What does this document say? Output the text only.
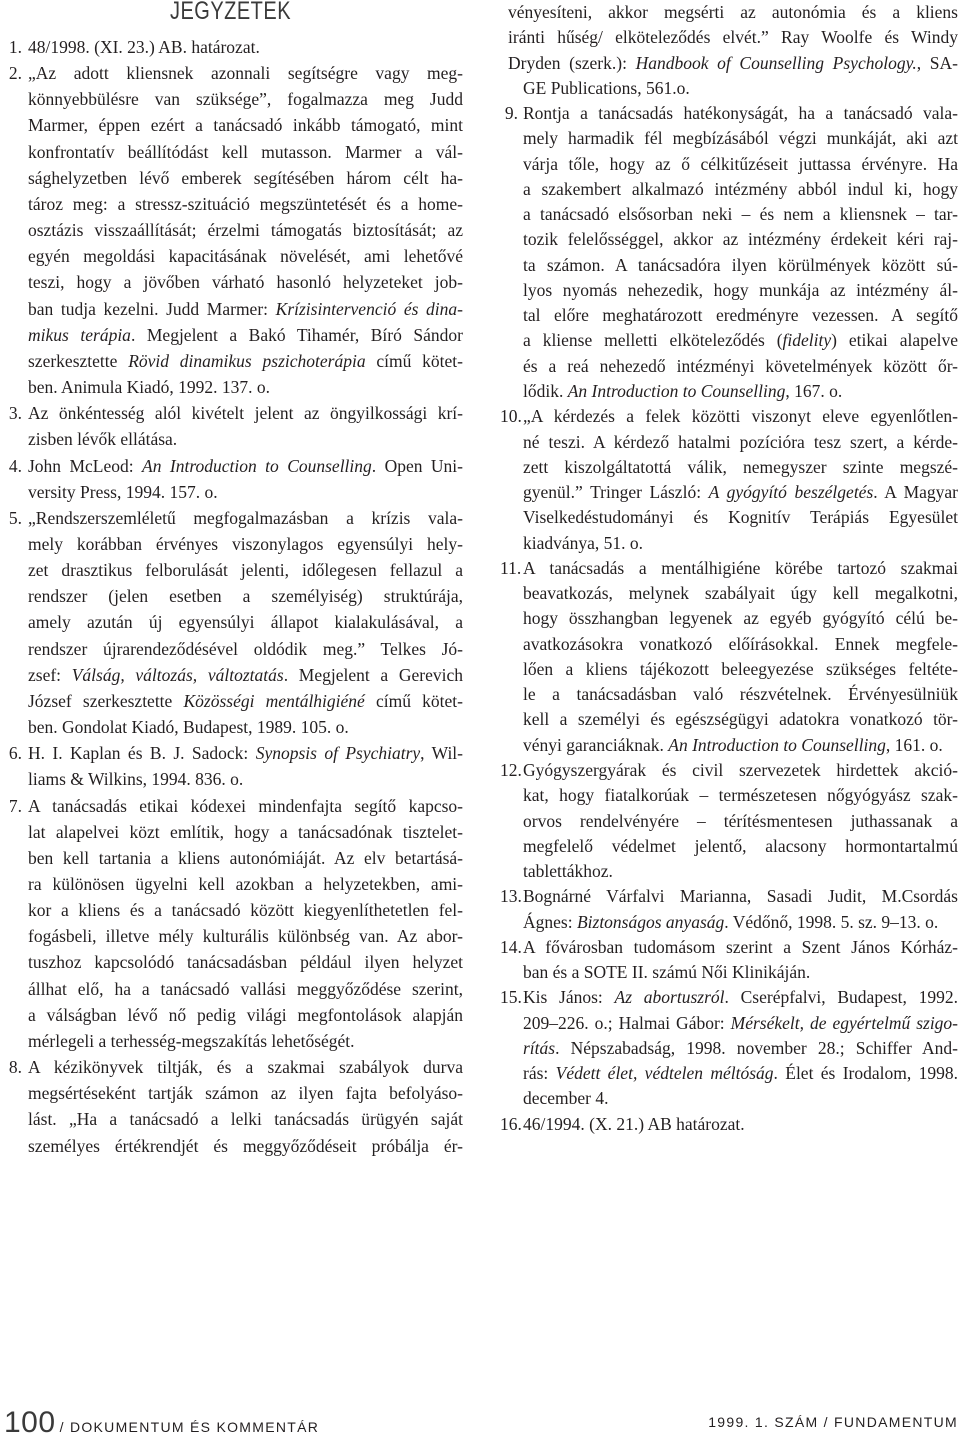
JEGYZETEK
1. 48/1998. (XI. 23.) AB. határozat.
2. „Az adott kliensnek azonnali segítségre vagy meg-
könnyebbülésre van szüksége”, fogalmazza meg Judd
Marmer, éppen ezért a tanácsadó inkább támogató, mint
konfrontatív beállítódást kell mutasson. Marmer a vál-
sághelyzetben lévő emberek segítésében három célt ha-
tároz meg: a stressz-szituáció megszüntetését és a home-
osztázis visszaállítását; érzelmi támogatás biztosítását; az
egyén megoldási kapacitásának növelését, ami lehetővé
teszi, hogy a jövőben várható hasonló helyzeteket job-
ban tudja kezelni. Judd Marmer: Krízisintervenció és dina-
mikus terápia. Megjelent a Bakó Tihamér, Bíró Sándor
szerkesztette Rövid dinamikus pszichoterápia című kötet-
ben. Animula Kiadó, 1992. 137. o.
3. Az önkéntesség alól kivételt jelent az öngyilkossági krí-
zisben lévők ellátása.
4. John McLeod: An Introduction to Counselling. Open Uni-
versity Press, 1994. 157. o.
5. „Rendszerszemléletű megfogalmazásban a krízis vala-
mely korábban érvényes viszonylagos egyensúlyi hely-
zet drasztikus felborulását jelenti, időlegesen fellazul a
rendszer (jelen esetben a személyiség) struktúrája,
amely azután új egyensúlyi állapot kialakulásával, a
rendszer újrarendeződésével oldódik meg.” Telkes Jó-
zsef: Válság, változás, változtatás. Megjelent a Gerevich
József szerkesztette Közösségi mentálhigiéné című kötet-
ben. Gondolat Kiadó, Budapest, 1989. 105. o.
6. H. I. Kaplan és B. J. Sadock: Synopsis of Psychiatry, Wil-
liams & Wilkins, 1994. 836. o.
7. A tanácsadás etikai kódexei mindenfajta segítő kapcso-
lat alapelvei közt említik, hogy a tanácsadónak tisztelet-
ben kell tartania a kliens autonómiáját. Az elv betartásá-
ra különösen ügyelni kell azokban a helyzetekben, ami-
kor a kliens és a tanácsadó között kiegyenlíthetetlen fel-
fogásbeli, illetve mély kulturális különbség van. Az abor-
tuszhoz kapcsolódó tanácsadásban például ilyen helyzet
állhat elő, ha a tanácsadó vallási meggyőződése szerint,
a válságban lévő nő pedig világi megfontolások alapján
mérlegeli a terhesség-megszakítás lehetőségét.
8. A kézikönyvek tiltják, és a szakmai szabályok durva
megsértéseként tartják számon az ilyen fajta befolyáso-
lást. „Ha a tanácsadó a lelki tanácsadás ürügyén saját
személyes értékrendjét és meggyőződéseit próbálja ér-
vényesíteni, akkor megsérti az autonómia és a kliens
iránti hűség/ elköteleződés elvét.” Ray Woolfe és Windy
Dryden (szerk.): Handbook of Counselling Psychology., SA-
GE Publications, 561.o.
9. Rontja a tanácsadás hatékonyságát, ha a tanácsadó vala-
mely harmadik fél megbízásából végzi munkáját, aki azt
várja tőle, hogy az ő célkitűzéseit juttassa érvényre. Ha
a szakembert alkalmazó intézmény abból indul ki, hogy
a tanácsadó elsősorban neki – és nem a kliensnek – tar-
tozik felelősséggel, akkor az intézmény érdekeit kéri raj-
ta számon. A tanácsadóra ilyen körülmények között sú-
lyos nyomás nehezedik, hogy munkája az intézmény ál-
tal előre meghatározott eredményre vezessen. A segítő
a kliense melletti elköteleződés (fidelity) etikai alapelve
és a reá nehezedő intézményi követelmények között őr-
lődik. An Introduction to Counselling, 167. o.
10. „A kérdezés a felek közötti viszonyt eleve egyenlőtlen-
né teszi. A kérdező hatalmi pozícióra tesz szert, a kérde-
zett kiszolgáltatottá válik, nemegyszer szinte megszé-
gyenül.” Tringer László: A gyógyító beszélgetés. A Magyar
Viselkedéstudományi és Kognitív Terápiás Egyesület
kiadványa, 51. o.
11. A tanácsadás a mentálhigiéne körébe tartozó szakmai
beavatkozás, melynek szabályait úgy kell megalkotni,
hogy összhangban legyenek az egyéb gyógyító célú be-
avatkozásokra vonatkozó előírásokkal. Ennek megfele-
lően a kliens tájékozott beleegyezése szükséges feltéte-
le a tanácsadásban való részvételnek. Érvényesülniük
kell a személyi és egészségügyi adatokra vonatkozó tör-
vényi garanciáknak. An Introduction to Counselling, 161. o.
12. Gyógyszergyárak és civil szervezetek hirdettek akció-
kat, hogy fiatalkorúak – természetesen nőgyógyász szak-
orvos rendelvényére – térítésmentesen juthassanak a
megfelelő védelmet jelentő, alacsony hormontartalmú
tablettákhoz.
13. Bognárné Várfalvi Marianna, Sasadi Judit, M.Csordás
Ágnes: Biztonságos anyaság. Védőnő, 1998. 5. sz. 9–13. o.
14. A fővárosban tudomásom szerint a Szent János Kórház-
ban és a SOTE II. számú Női Klinikáján.
15. Kis János: Az abortuszról. Cserépfalvi, Budapest, 1992.
209–226. o.; Halmai Gábor: Mérsékelt, de egyértelmű szigo-
rítás. Népszabadság, 1998. november 28.; Schiffer And-
rás: Védett élet, védtelen méltóság. Élet és Irodalom, 1998.
december 4.
16. 46/1994. (X. 21.) AB határozat.
100 / DOKUMENTUM ÉS KOMMENTÁR	1999. 1. SZÁM / FUNDAMENTUM
